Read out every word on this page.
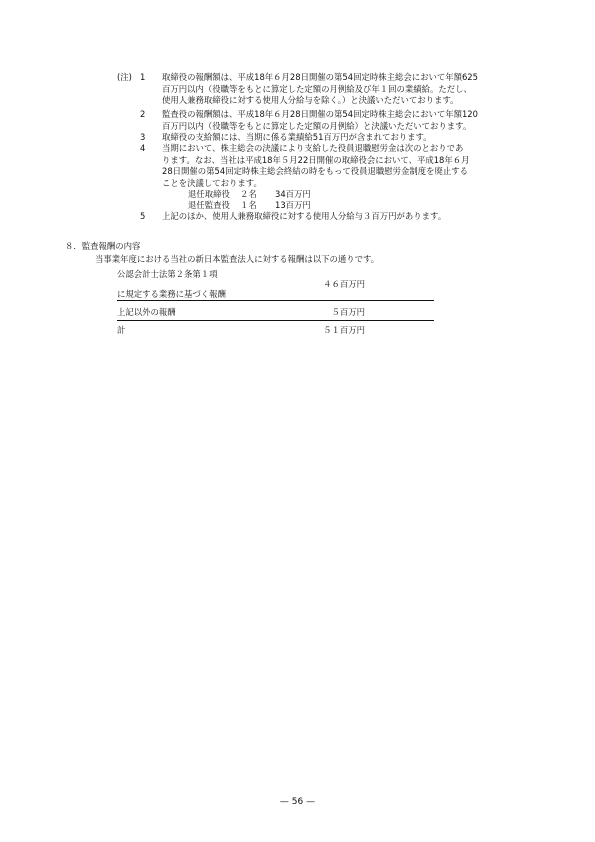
(注) 1	取締役の報酬額は、平成18年６月28日開催の第54回定時株主総会において年額625
百万円以内（役職等をもとに算定した定額の月例給及び年１回の業績給。ただし、
使用人兼務取締役に対する使用人分給与を除く。）と決議いただいております。
2	監査役の報酬額は、平成18年６月28日開催の第54回定時株主総会において年額120
百万円以内（役職等をもとに算定した定額の月例給）と決議いただいております。
3	取締役の支給額には、当期に係る業績給51百万円が含まれております。
4	当期において、株主総会の決議により支給した役員退職慰労金は次のとおりであ
ります。なお、当社は平成18年５月22日開催の取締役会において、平成18年６月
28日開催の第54回定時株主総会終結の時をもって役員退職慰労金制度を廃止する
ことを決議しております。
退任取締役 ２名 34百万円
退任監査役 １名 13百万円
5	上記のほか、使用人兼務取締役に対する使用人分給与３百万円があります。
８．監査報酬の内容
当事業年度における当社の新日本監査法人に対する報酬は以下の通りです。
公認会計士法第２条第１項
に規定する業務に基づく報酬
４６百万円
上記以外の報酬	５百万円
計	５１百万円
— 56 —
